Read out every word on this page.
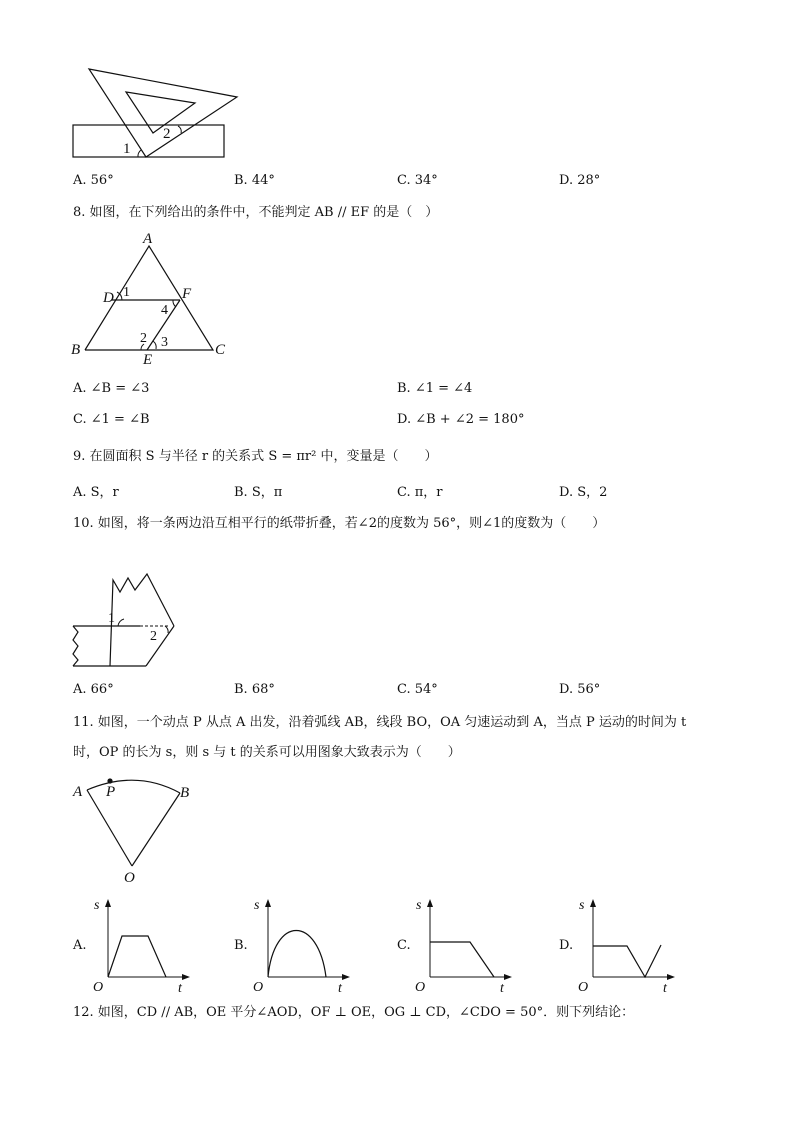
1
2
A. 56°	B. 44°	C. 34°	D. 28°
8. 如图，在下列给出的条件中，不能判定 AB // EF 的是（　）
A
D	F
B	C
E
1
4
2 3
A. ∠B = ∠3	B. ∠1 = ∠4
C. ∠1 = ∠B	D. ∠B + ∠2 = 180°
9. 在圆面积 S 与半径 r 的关系式 S = πr² 中，变量是（　　）
A. S，r	B. S，π	C. π，r	D. S，2
10. 如图，将一条两边沿互相平行的纸带折叠，若∠2的度数为 56°，则∠1的度数为（　　）
1
2
A. 66°	B. 68°	C. 54°	D. 56°
11. 如图，一个动点 P 从点 A 出发，沿着弧线 AB，线段 BO，OA 匀速运动到 A，当点 P 运动的时间为 t
时，OP 的长为 s，则 s 与 t 的关系可以用图象大致表示为（　　）
A P	B
O
s
t
O
A.
s
t
O
B.
s
t
O
C.
s
t
O
D.
12. 如图，CD // AB，OE 平分∠AOD，OF ⊥ OE，OG ⊥ CD，∠CDO = 50°．则下列结论：
